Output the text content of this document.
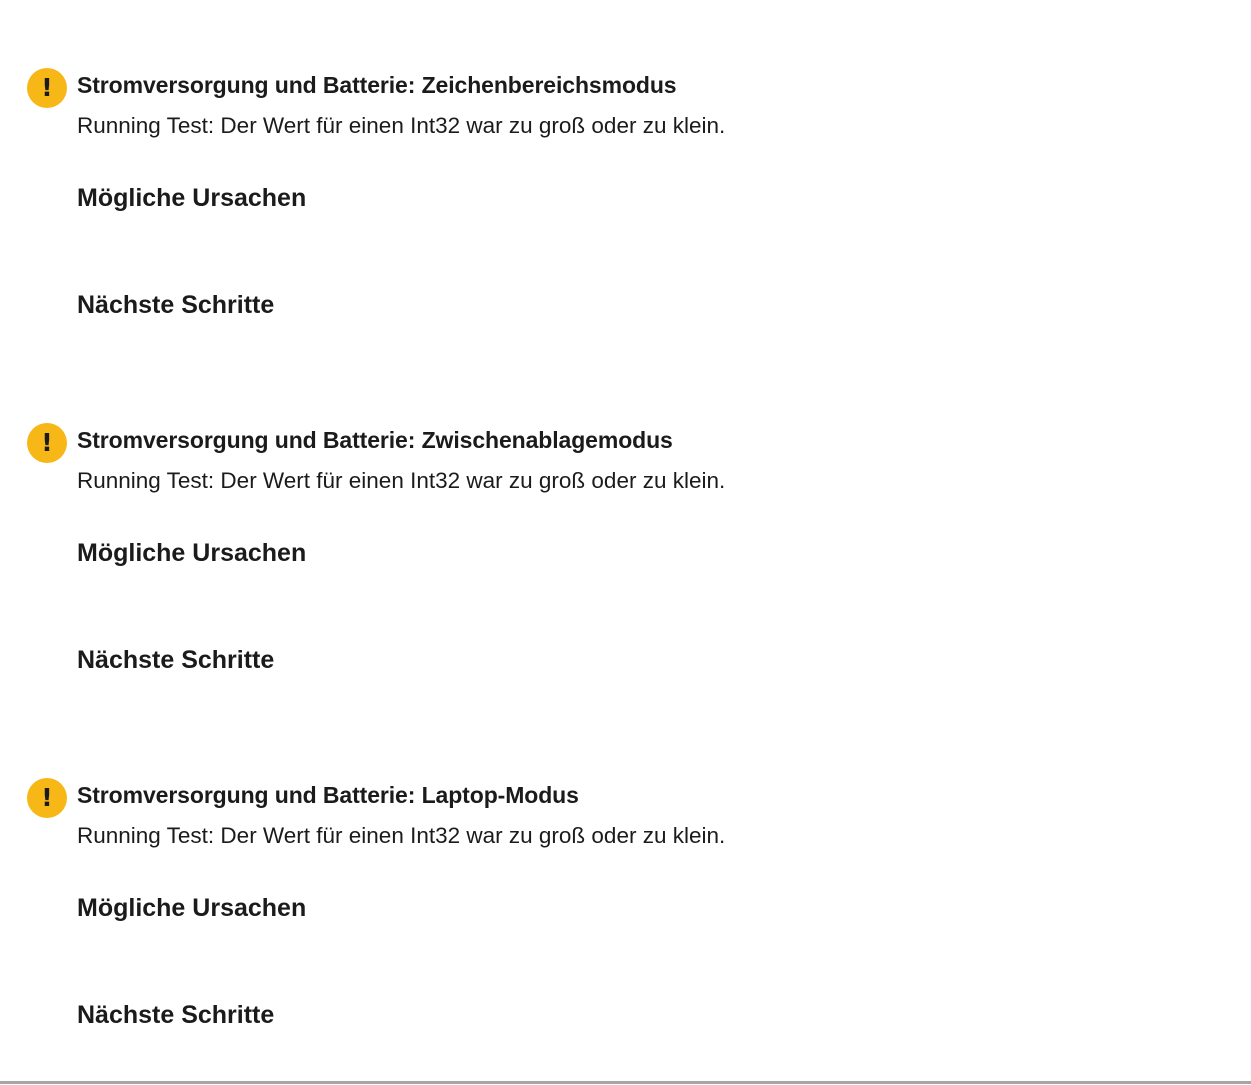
!	Stromversorgung und Batterie: Zeichenbereichsmodus
Running Test: Der Wert für einen Int32 war zu groß oder zu klein.
Mögliche Ursachen
Nächste Schritte
!	Stromversorgung und Batterie: Zwischenablagemodus
Running Test: Der Wert für einen Int32 war zu groß oder zu klein.
Mögliche Ursachen
Nächste Schritte
!	Stromversorgung und Batterie: Laptop-Modus
Running Test: Der Wert für einen Int32 war zu groß oder zu klein.
Mögliche Ursachen
Nächste Schritte
